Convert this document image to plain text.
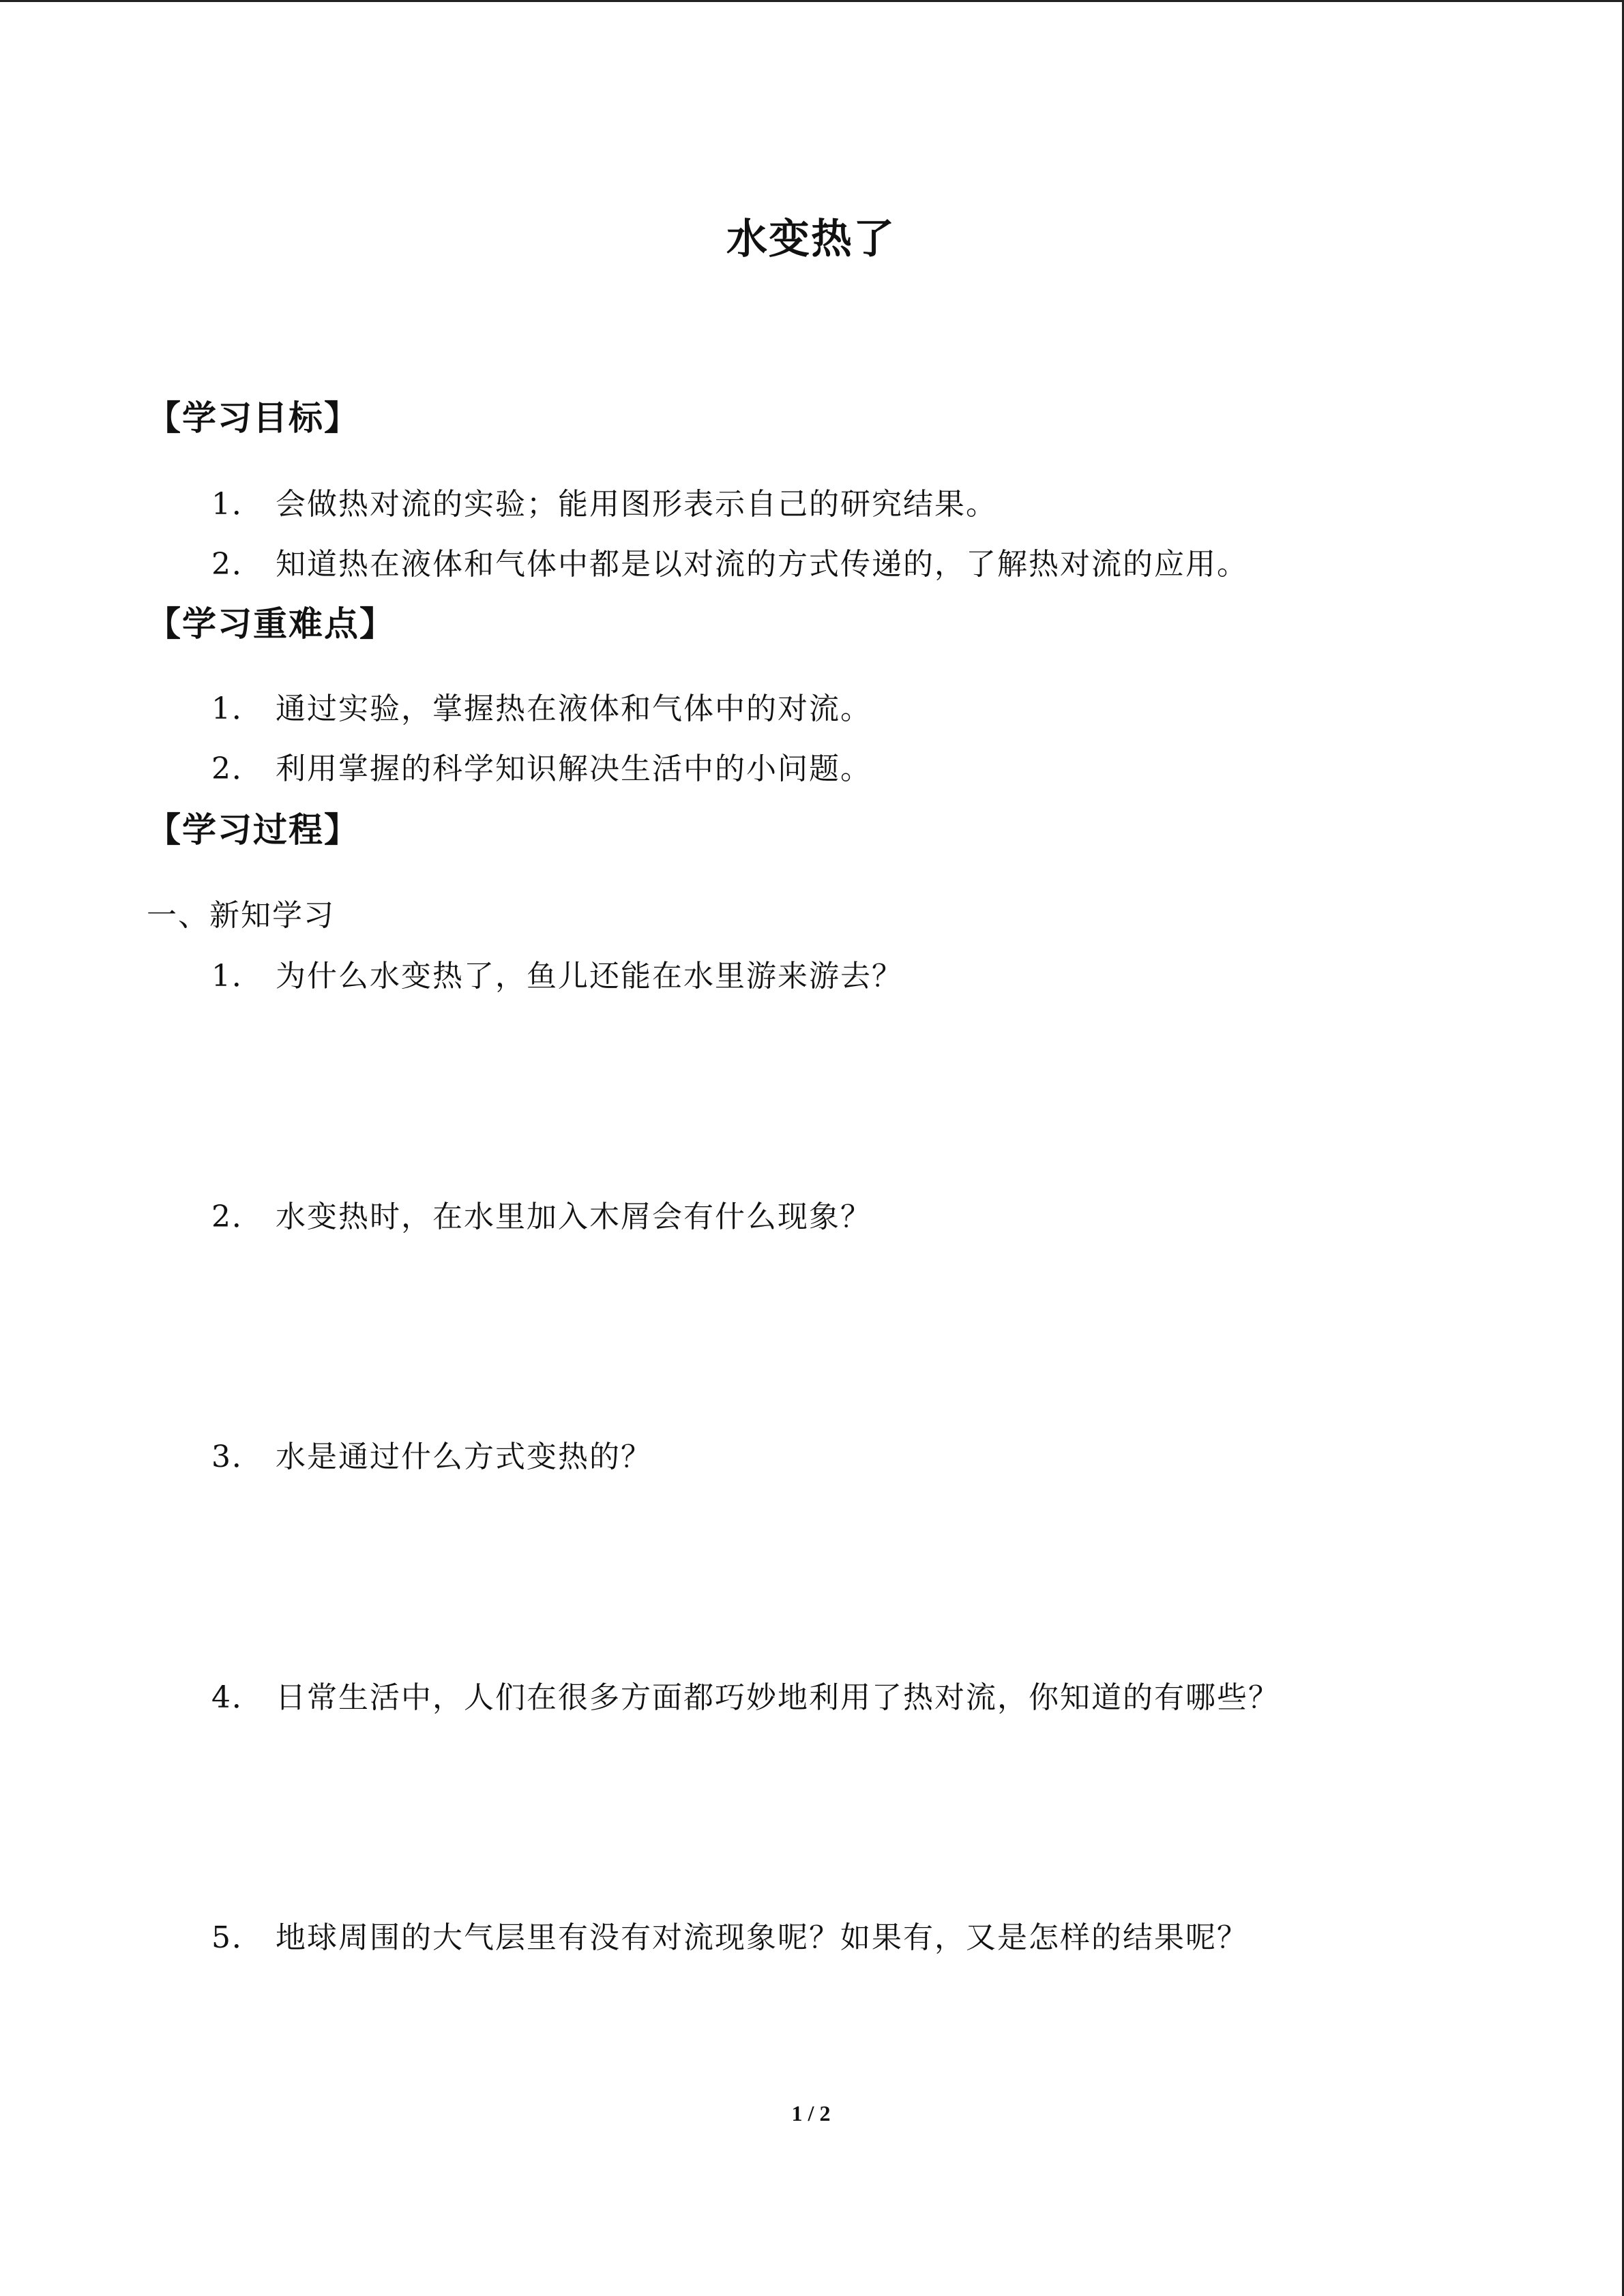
水变热了
【学习目标】
1． 会做热对流的实验；能用图形表示自己的研究结果。
2． 知道热在液体和气体中都是以对流的方式传递的，了解热对流的应用。
【学习重难点】
1． 通过实验，掌握热在液体和气体中的对流。
2． 利用掌握的科学知识解决生活中的小问题。
【学习过程】
一、新知学习
1． 为什么水变热了，鱼儿还能在水里游来游去？
2． 水变热时，在水里加入木屑会有什么现象？
3． 水是通过什么方式变热的？
4． 日常生活中，人们在很多方面都巧妙地利用了热对流，你知道的有哪些？
5． 地球周围的大气层里有没有对流现象呢？如果有，又是怎样的结果呢？
1 / 2
